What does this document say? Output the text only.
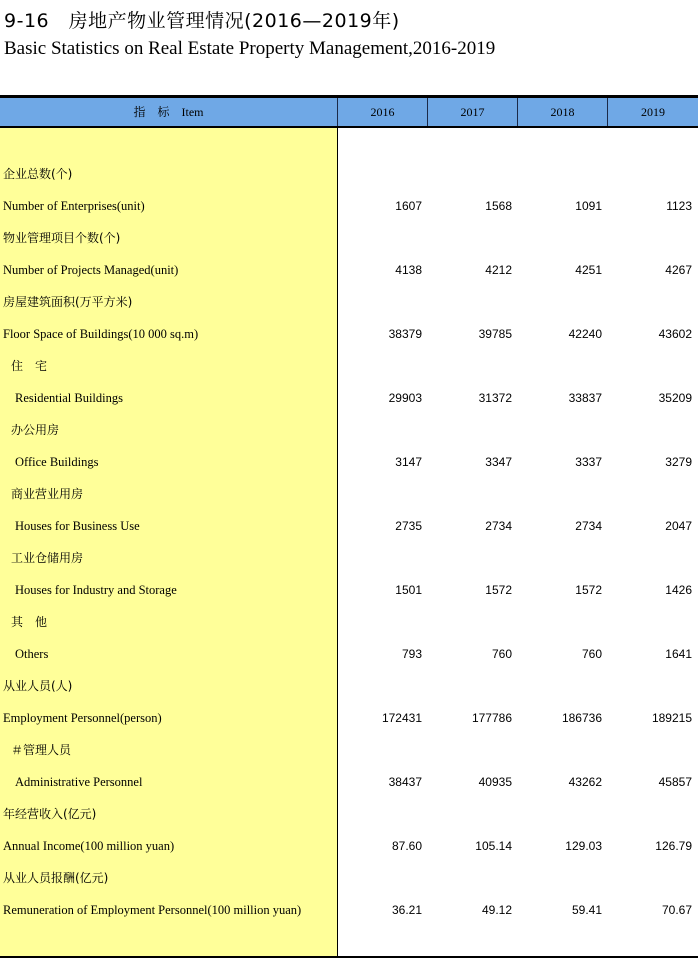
9-16　房地产物业管理情况(2016—2019年)
Basic Statistics on Real Estate Property Management,2016-2019
指　标　Item	2016	2017	2018	2019
企业总数(个)
Number of Enterprises(unit)	1607	1568	1091	1123
物业管理项目个数(个)
Number of Projects Managed(unit)	4138	4212	4251	4267
房屋建筑面积(万平方米)
Floor Space of Buildings(10 000 sq.m)	38379	39785	42240	43602
住　宅
Residential Buildings	29903	31372	33837	35209
办公用房
Office Buildings	3147	3347	3337	3279
商业营业用房
Houses for Business Use	2735	2734	2734	2047
工业仓储用房
Houses for Industry and Storage	1501	1572	1572	1426
其　他
Others	793	760	760	1641
从业人员(人)
Employment Personnel(person)	172431	177786	186736	189215
＃管理人员
Administrative Personnel	38437	40935	43262	45857
年经营收入(亿元)
Annual Income(100 million yuan)	87.60	105.14	129.03	126.79
从业人员报酬(亿元)
Remuneration of Employment Personnel(100 million yuan)	36.21	49.12	59.41	70.67
